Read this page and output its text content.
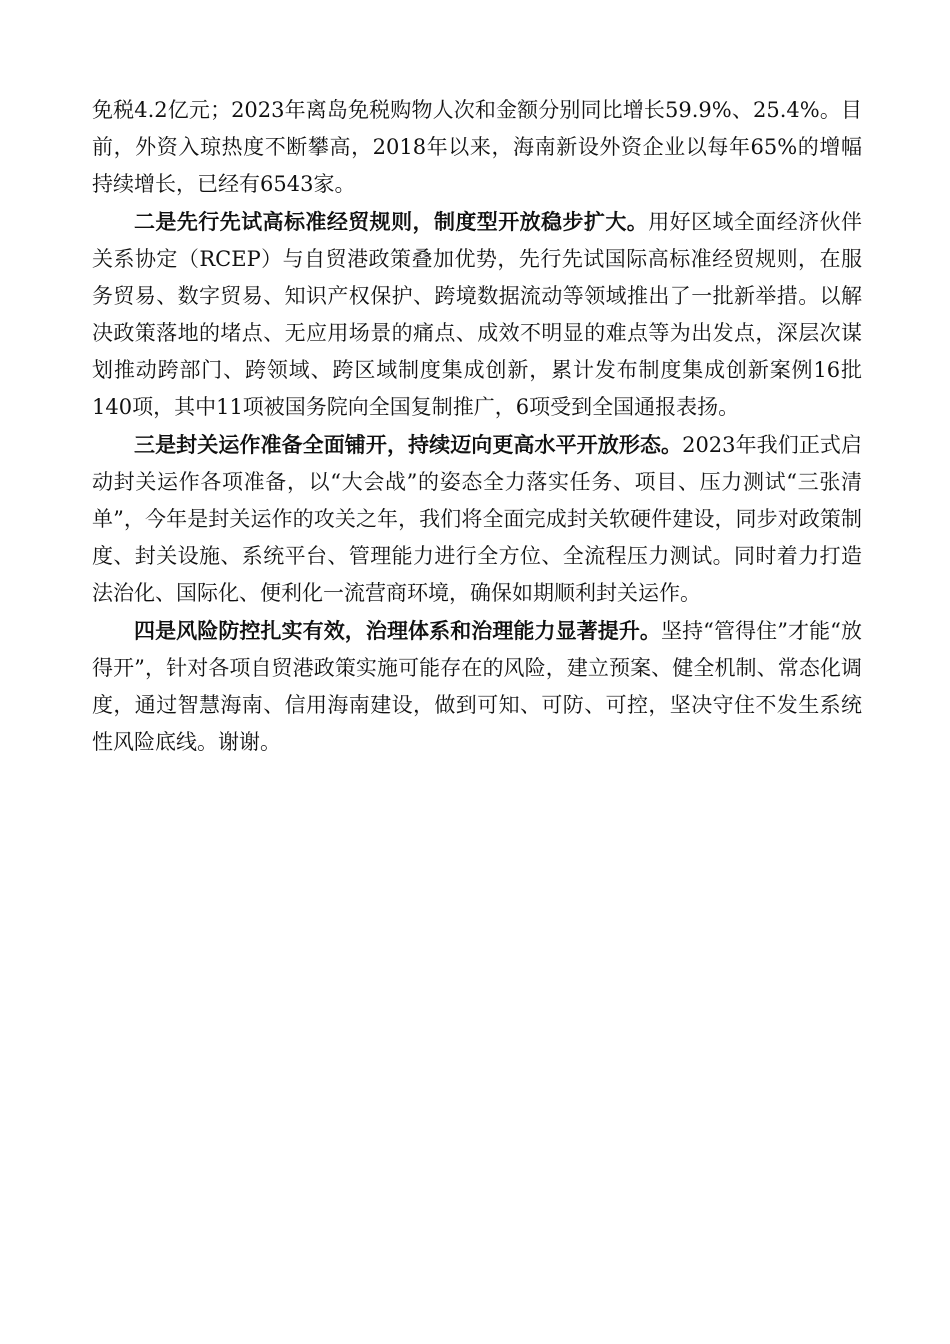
免税4.2亿元；2023年离岛免税购物人次和金额分别同比增长59.9%、25.4%。目前，外资入琼热度不断攀高，2018年以来，海南新设外资企业以每年65%的增幅持续增长，已经有6543家。

二是先行先试高标准经贸规则，制度型开放稳步扩大。用好区域全面经济伙伴关系协定（RCEP）与自贸港政策叠加优势，先行先试国际高标准经贸规则，在服务贸易、数字贸易、知识产权保护、跨境数据流动等领域推出了一批新举措。以解决政策落地的堵点、无应用场景的痛点、成效不明显的难点等为出发点，深层次谋划推动跨部门、跨领域、跨区域制度集成创新，累计发布制度集成创新案例16批140项，其中11项被国务院向全国复制推广，6项受到全国通报表扬。

三是封关运作准备全面铺开，持续迈向更高水平开放形态。2023年我们正式启动封关运作各项准备，以“大会战”的姿态全力落实任务、项目、压力测试“三张清单”，今年是封关运作的攻关之年，我们将全面完成封关软硬件建设，同步对政策制度、封关设施、系统平台、管理能力进行全方位、全流程压力测试。同时着力打造法治化、国际化、便利化一流营商环境，确保如期顺利封关运作。

四是风险防控扎实有效，治理体系和治理能力显著提升。坚持“管得住”才能“放得开”，针对各项自贸港政策实施可能存在的风险，建立预案、健全机制、常态化调度，通过智慧海南、信用海南建设，做到可知、可防、可控，坚决守住不发生系统性风险底线。谢谢。
